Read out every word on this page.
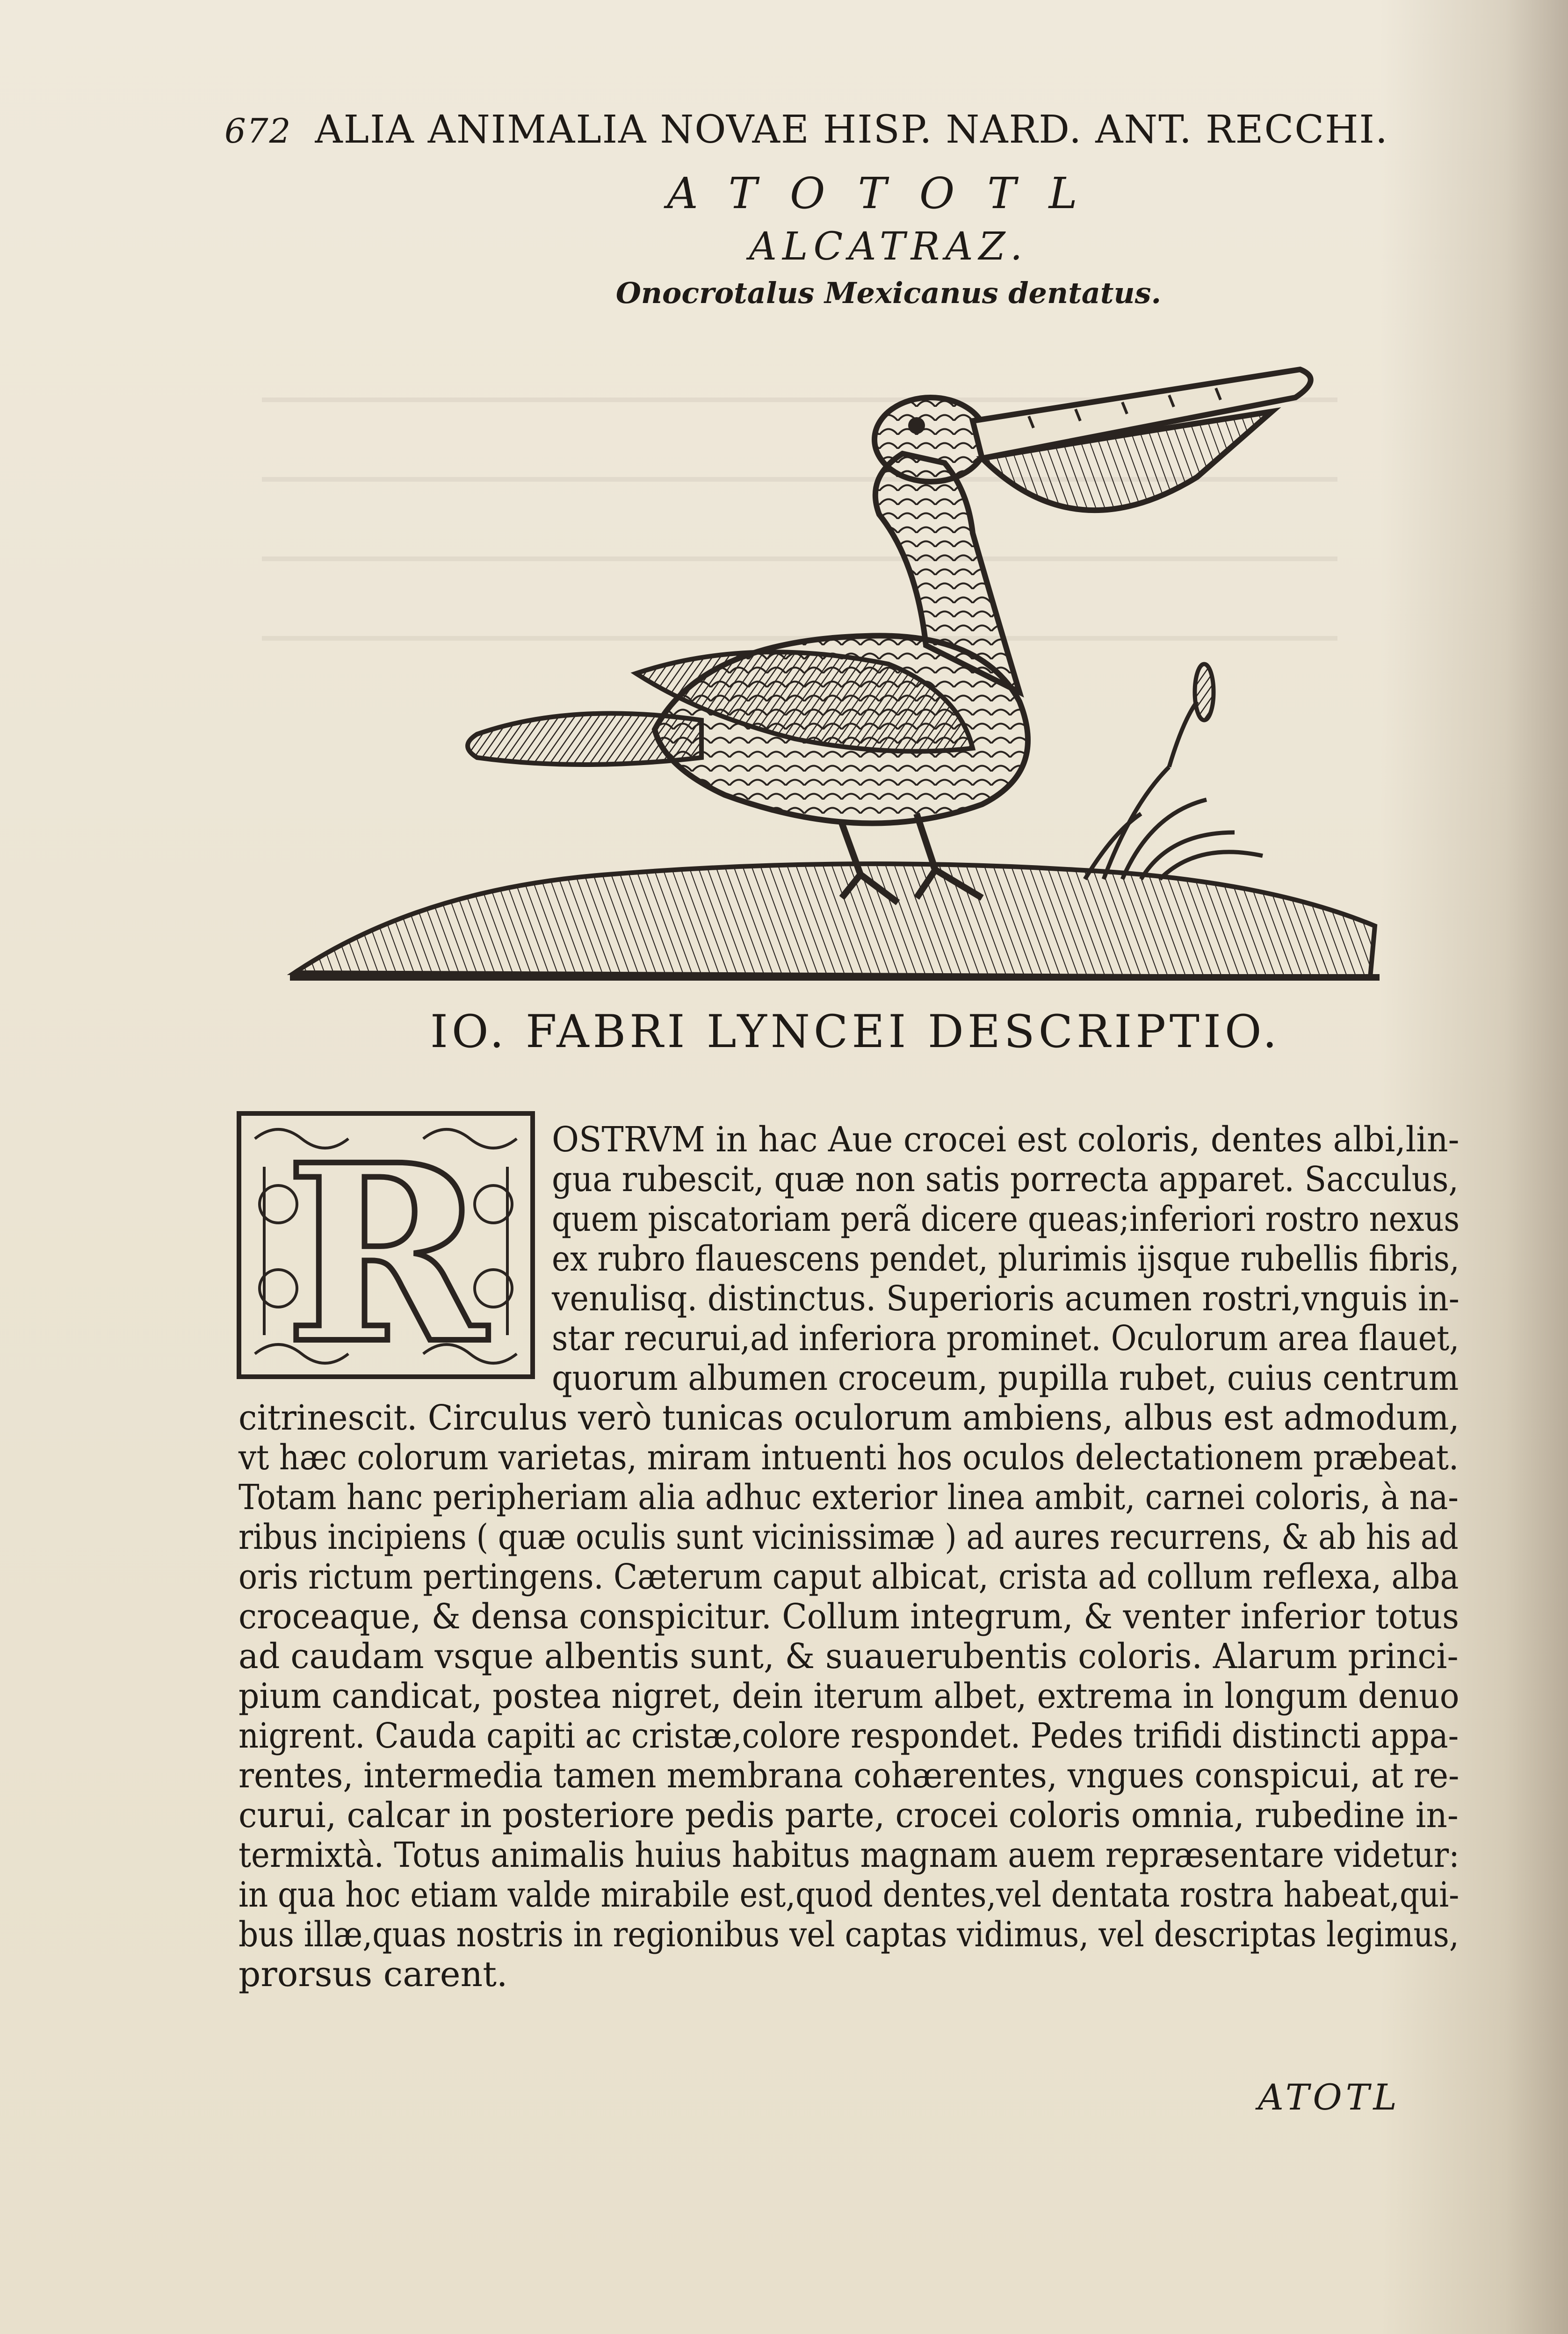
672 ALIA ANIMALIA NOVAE HISP. NARD. ANT. RECCHI.
ATOTOTL
ALCATRAZ.
Onocrotalus Mexicanus dentatus.
IO. FABRI LYNCEI DESCRIPTIO.
R OSTRVM in hac Aue crocei est coloris, dentes albi,lin-
gua rubescit, quæ non satis porrecta apparet. Sacculus,
quem piscatoriam perã dicere queas;inferiori rostro nexus
ex rubro flauescens pendet, plurimis ijsque rubellis fibris,
venulisq. distinctus. Superioris acumen rostri,vnguis in-
star recurui,ad inferiora prominet. Oculorum area flauet,
quorum albumen croceum, pupilla rubet, cuius centrum
citrinescit. Circulus verò tunicas oculorum ambiens, albus est admodum,
vt hæc colorum varietas, miram intuenti hos oculos delectationem præbeat.
Totam hanc peripheriam alia adhuc exterior linea ambit, carnei coloris, à na-
ribus incipiens ( quæ oculis sunt vicinissimæ ) ad aures recurrens, & ab his ad
oris rictum pertingens. Cæterum caput albicat, crista ad collum reflexa, alba
croceaque, & densa conspicitur. Collum integrum, & venter inferior totus
ad caudam vsque albentis sunt, & suauerubentis coloris. Alarum princi-
pium candicat, postea nigret, dein iterum albet, extrema in longum denuo
nigrent. Cauda capiti ac cristæ,colore respondet. Pedes trifidi distincti appa-
rentes, intermedia tamen membrana cohærentes, vngues conspicui, at re-
curui, calcar in posteriore pedis parte, crocei coloris omnia, rubedine in-
termixtà. Totus animalis huius habitus magnam auem repræsentare videtur:
in qua hoc etiam valde mirabile est,quod dentes,vel dentata rostra habeat,qui-
bus illæ,quas nostris in regionibus vel captas vidimus, vel descriptas legimus,
prorsus carent.
ATOTL
